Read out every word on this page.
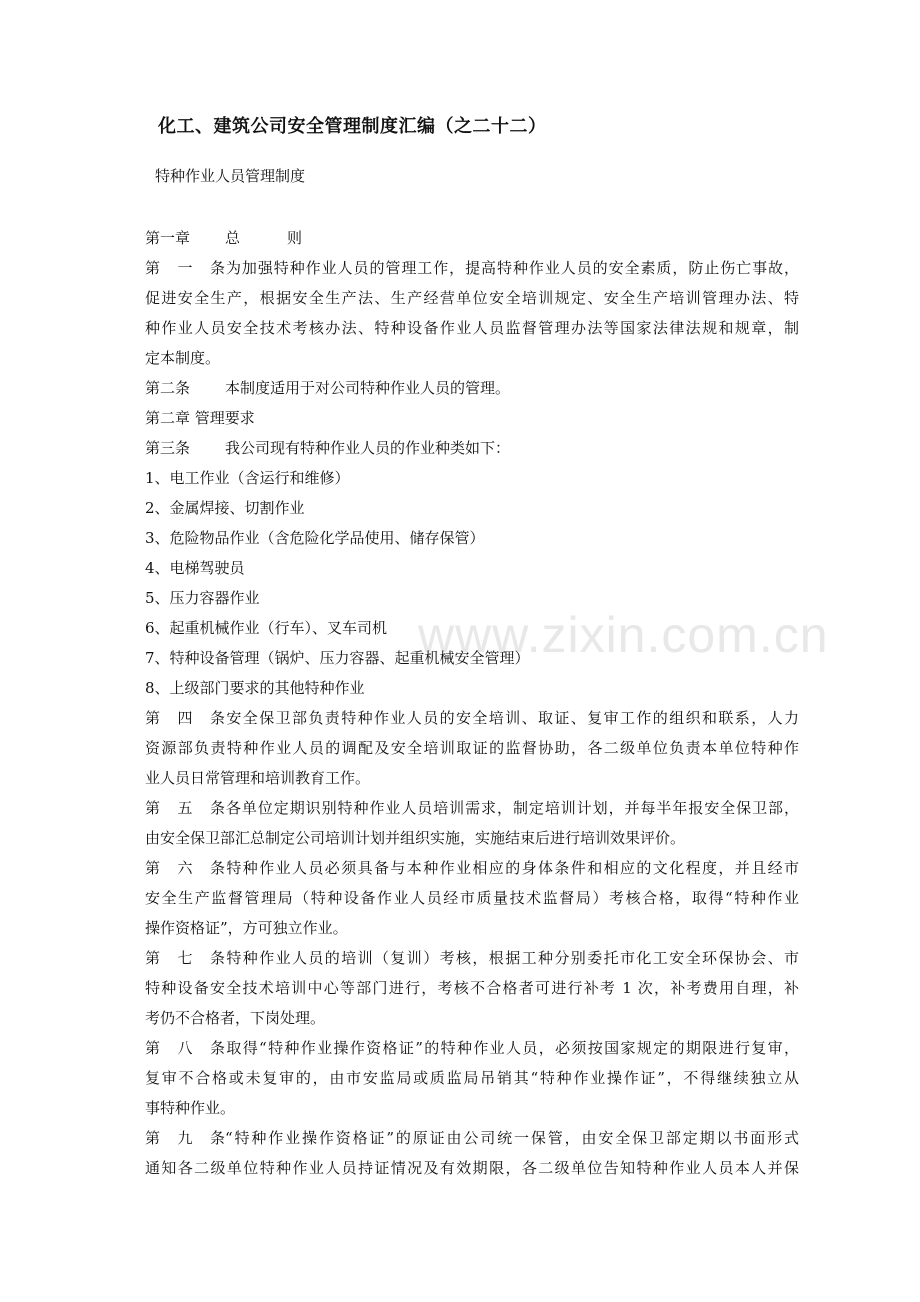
www.zixin.com.cn
化工、建筑公司安全管理制度汇编（之二十二）
特种作业人员管理制度
第一章 总	则
第一条为加强特种作业人员的管理工作，提高特种作业人员的安全素质，防止伤亡事故，
促进安全生产，根据安全生产法、生产经营单位安全培训规定、安全生产培训管理办法、特
种作业人员安全技术考核办法、特种设备作业人员监督管理办法等国家法律法规和规章，制
定本制度。
第二条 本制度适用于对公司特种作业人员的管理。
第二章 管理要求
第三条 我公司现有特种作业人员的作业种类如下：
1、电工作业（含运行和维修）
2、金属焊接、切割作业
3、危险物品作业（含危险化学品使用、储存保管）
4、电梯驾驶员
5、压力容器作业
6、起重机械作业（行车）、叉车司机
7、特种设备管理（锅炉、压力容器、起重机械安全管理）
8、上级部门要求的其他特种作业
第四条安全保卫部负责特种作业人员的安全培训、取证、复审工作的组织和联系，人力
资源部负责特种作业人员的调配及安全培训取证的监督协助，各二级单位负责本单位特种作
业人员日常管理和培训教育工作。
第五条各单位定期识别特种作业人员培训需求，制定培训计划，并每半年报安全保卫部，
由安全保卫部汇总制定公司培训计划并组织实施，实施结束后进行培训效果评价。
第六条特种作业人员必须具备与本种作业相应的身体条件和相应的文化程度，并且经市
安全生产监督管理局（特种设备作业人员经市质量技术监督局）考核合格，取得“特种作业
操作资格证”，方可独立作业。
第七条特种作业人员的培训（复训）考核，根据工种分别委托市化工安全环保协会、市
特种设备安全技术培训中心等部门进行，考核不合格者可进行补考 1 次，补考费用自理，补
考仍不合格者，下岗处理。
第八条取得“特种作业操作资格证”的特种作业人员，必须按国家规定的期限进行复审，
复审不合格或未复审的，由市安监局或质监局吊销其“特种作业操作证”，不得继续独立从
事特种作业。
第九条“特种作业操作资格证”的原证由公司统一保管，由安全保卫部定期以书面形式
通知各二级单位特种作业人员持证情况及有效期限，各二级单位告知特种作业人员本人并保
